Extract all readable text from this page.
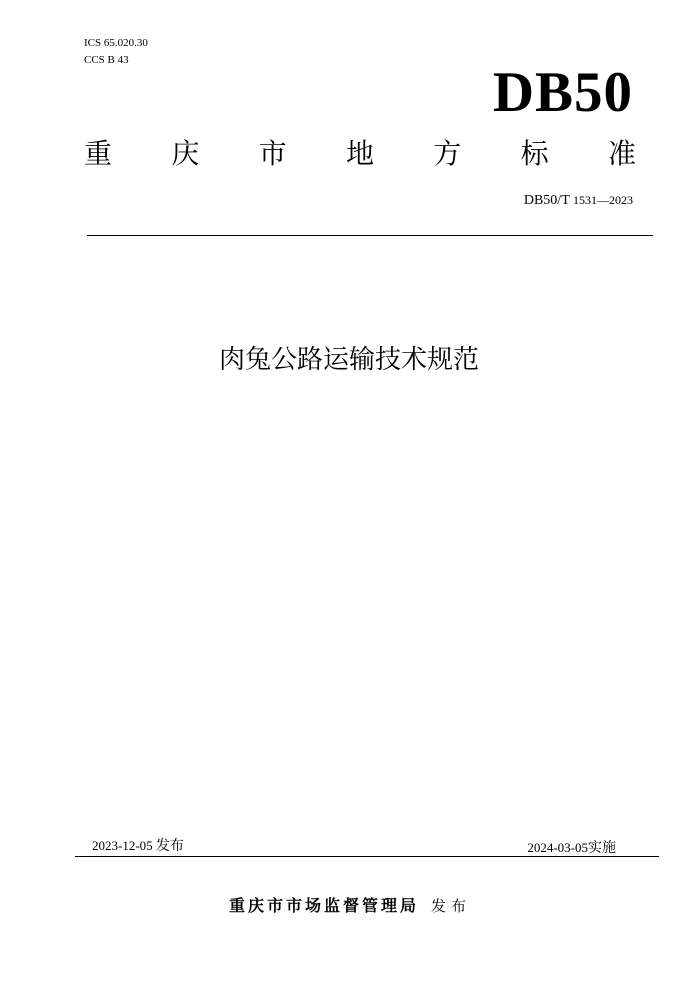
ICS 65.020.30
CCS B 43
DB50
重 庆 市 地 方 标 准
DB50/T 1531—2023
肉兔公路运输技术规范
2023-12-05 发布	2024-03-05实施
重庆市市场监督管理局 发布
